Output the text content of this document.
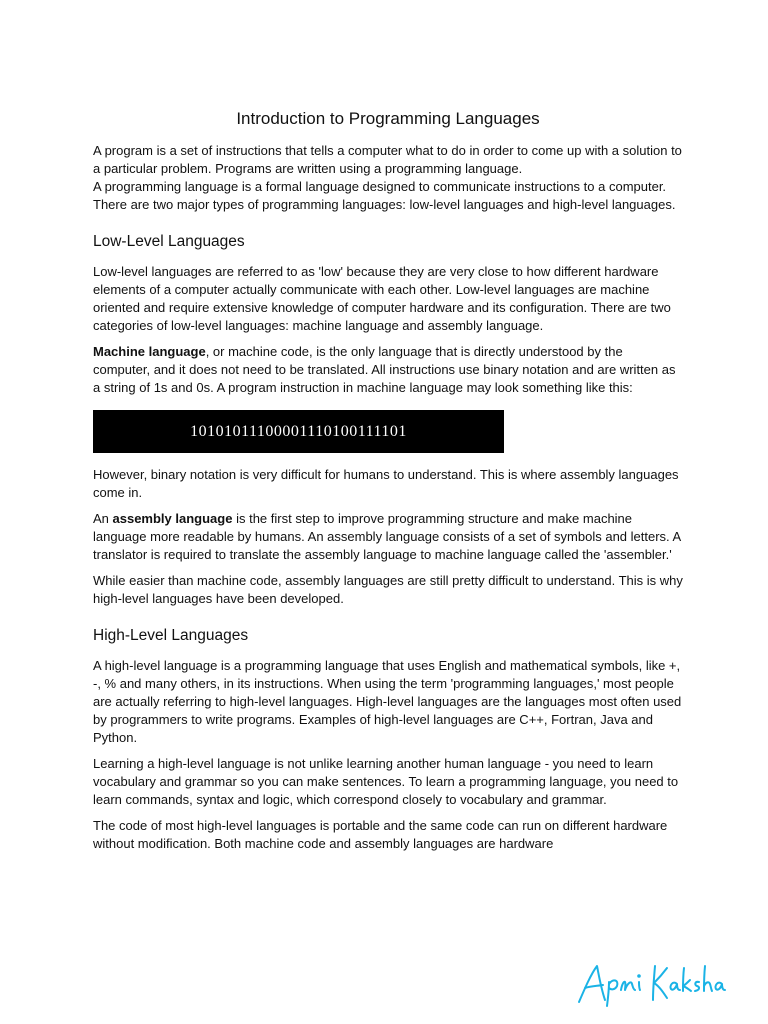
Introduction to Programming Languages

A program is a set of instructions that tells a computer what to do in order to come up with a solution to a particular problem. Programs are written using a programming language.

A programming language is a formal language designed to communicate instructions to a computer. There are two major types of programming languages: low-level languages and high-level languages.

Low-Level Languages

Low-level languages are referred to as 'low' because they are very close to how different hardware elements of a computer actually communicate with each other. Low-level languages are machine oriented and require extensive knowledge of computer hardware and its configuration. There are two categories of low-level languages: machine language and assembly language.

Machine language, or machine code, is the only language that is directly understood by the computer, and it does not need to be translated. All instructions use binary notation and are written as a string of 1s and 0s. A program instruction in machine language may look something like this:

10101011100001110100111101

However, binary notation is very difficult for humans to understand. This is where assembly languages come in.

An assembly language is the first step to improve programming structure and make machine language more readable by humans. An assembly language consists of a set of symbols and letters. A translator is required to translate the assembly language to machine language called the 'assembler.'

While easier than machine code, assembly languages are still pretty difficult to understand. This is why high-level languages have been developed.

High-Level Languages

A high-level language is a programming language that uses English and mathematical symbols, like +, -, % and many others, in its instructions. When using the term 'programming languages,' most people are actually referring to high-level languages. High-level languages are the languages most often used by programmers to write programs. Examples of high-level languages are C++, Fortran, Java and Python.

Learning a high-level language is not unlike learning another human language - you need to learn vocabulary and grammar so you can make sentences. To learn a programming language, you need to learn commands, syntax and logic, which correspond closely to vocabulary and grammar.

The code of most high-level languages is portable and the same code can run on different hardware without modification. Both machine code and assembly languages are hardware
